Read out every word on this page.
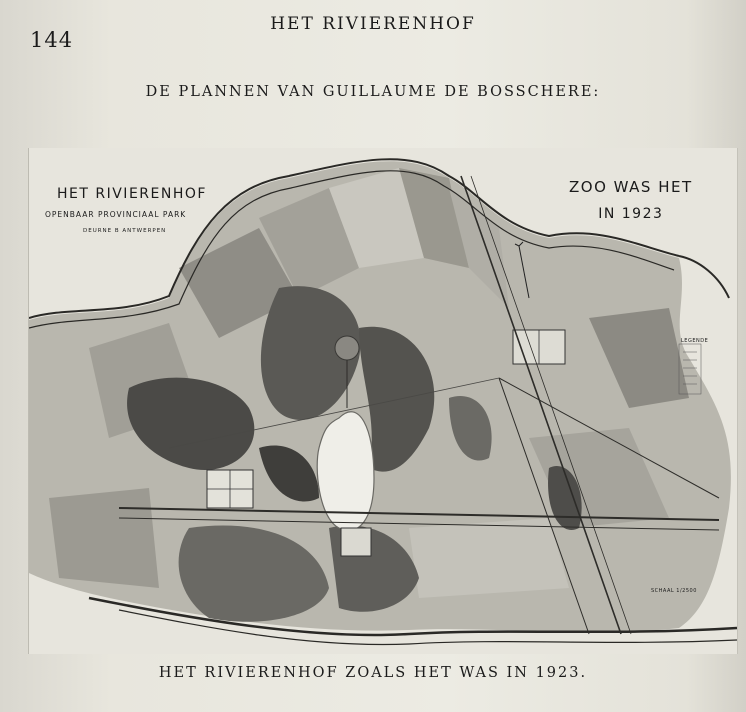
144
HET RIVIERENHOF
DE PLANNEN VAN GUILLAUME DE BOSSCHERE:
HET RIVIERENHOF
OPENBAAR PROVINCIAAL PARK
DEURNE B ANTWERPEN
ZOO WAS HET
IN 1923
LEGENDE
SCHAAL 1/2500
HET RIVIERENHOF ZOALS HET WAS IN 1923.
